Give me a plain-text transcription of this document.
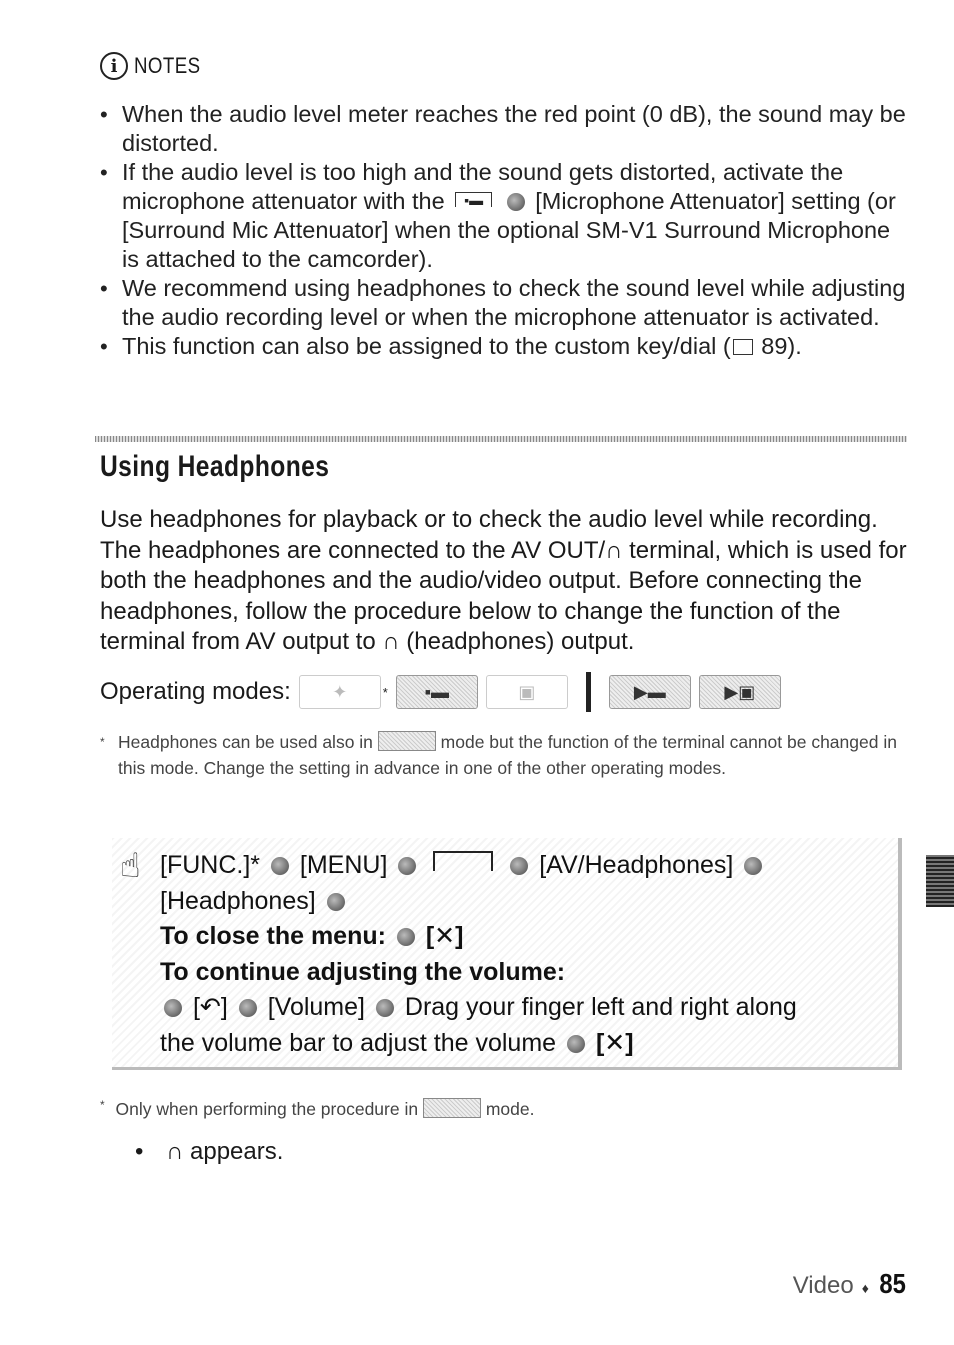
i NOTES
• When the audio level meter reaches the red point (0 dB), the sound may be distorted.
• If the audio level is too high and the sound gets distorted, activate the microphone attenuator with the ▪▬ [Microphone Attenuator] setting (or [Surround Mic Attenuator] when the optional SM-V1 Surround Microphone is attached to the camcorder).
• We recommend using headphones to check the sound level while adjusting the audio recording level or when the microphone attenuator is activated.
• This function can also be assigned to the custom key/dial ( 89).
Using Headphones
Use headphones for playback or to check the audio level while recording. The headphones are connected to the AV OUT/∩ terminal, which is used for both the headphones and the audio/video output. Before connecting the headphones, follow the procedure below to change the function of the terminal from AV output to ∩ (headphones) output.
Operating modes:	✦	*	▪▬	▣	▶▬	▶▣
* Headphones can be used also in	mode but the function of the terminal cannot be changed in this mode. Change the setting in advance in one of the other operating modes.
[FUNC.]* [MENU]	[AV/Headphones]
[Headphones]
To close the menu: [✕]
To continue adjusting the volume:
[↶] [Volume] Drag your finger left and right along
the volume bar to adjust the volume [✕]
☝
* Only when performing the procedure in	mode.
• ∩ appears.
Video ♦ 85
